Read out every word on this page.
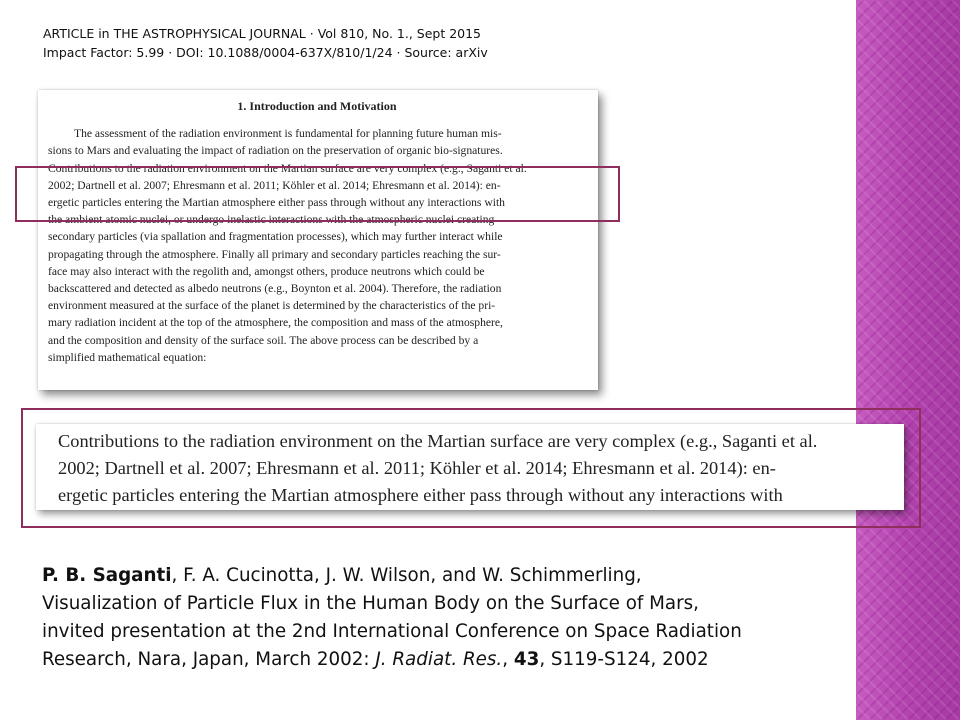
ARTICLE in THE ASTROPHYSICAL JOURNAL · Vol 810, No. 1., Sept 2015
Impact Factor: 5.99 · DOI: 10.1088/0004-637X/810/1/24 · Source: arXiv
1. Introduction and Motivation
The assessment of the radiation environment is fundamental for planning future human mis-
sions to Mars and evaluating the impact of radiation on the preservation of organic bio-signatures.
Contributions to the radiation environment on the Martian surface are very complex (e.g., Saganti et al.
2002; Dartnell et al. 2007; Ehresmann et al. 2011; Köhler et al. 2014; Ehresmann et al. 2014): en-
ergetic particles entering the Martian atmosphere either pass through without any interactions with
the ambient atomic nuclei, or undergo inelastic interactions with the atmospheric nuclei creating
secondary particles (via spallation and fragmentation processes), which may further interact while
propagating through the atmosphere. Finally all primary and secondary particles reaching the sur-
face may also interact with the regolith and, amongst others, produce neutrons which could be
backscattered and detected as albedo neutrons (e.g., Boynton et al. 2004). Therefore, the radiation
environment measured at the surface of the planet is determined by the characteristics of the pri-
mary radiation incident at the top of the atmosphere, the composition and mass of the atmosphere,
and the composition and density of the surface soil. The above process can be described by a
simplified mathematical equation:
Contributions to the radiation environment on the Martian surface are very complex (e.g., Saganti et al.
2002; Dartnell et al. 2007; Ehresmann et al. 2011; Köhler et al. 2014; Ehresmann et al. 2014): en-
ergetic particles entering the Martian atmosphere either pass through without any interactions with
P. B. Saganti, F. A. Cucinotta, J. W. Wilson, and W. Schimmerling,
Visualization of Particle Flux in the Human Body on the Surface of Mars,
invited presentation at the 2nd International Conference on Space Radiation
Research, Nara, Japan, March 2002: J. Radiat. Res., 43, S119-S124, 2002
